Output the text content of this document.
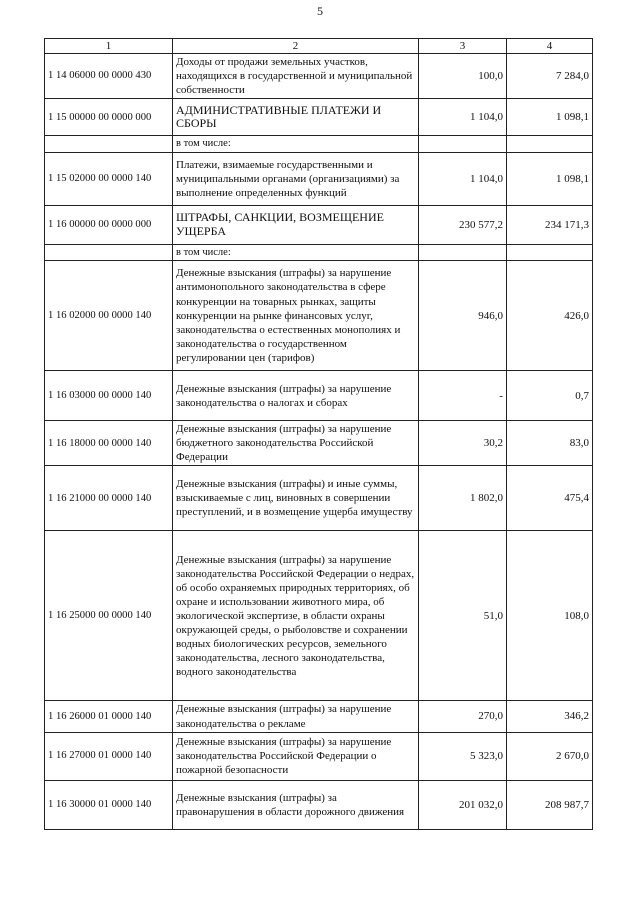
5
1	2	3	4
1 14 06000 00 0000 430	Доходы от продажи земельных участков, находящихся в государственной и муниципальной собственности	100,0	7 284,0
1 15 00000 00 0000 000	АДМИНИСТРАТИВНЫЕ ПЛАТЕЖИ И СБОРЫ	1 104,0	1 098,1
	в том числе:		
1 15 02000 00 0000 140	Платежи, взимаемые государственными и муниципальными органами (организациями) за выполнение определенных функций	1 104,0	1 098,1
1 16 00000 00 0000 000	ШТРАФЫ, САНКЦИИ, ВОЗМЕЩЕНИЕ УЩЕРБА	230 577,2	234 171,3
	в том числе:		
1 16 02000 00 0000 140	Денежные взыскания (штрафы) за нарушение антимонопольного законодательства в сфере конкуренции на товарных рынках, защиты конкуренции на рынке финансовых услуг, законодательства о естественных монополиях и законодательства о государственном регулировании цен (тарифов)	946,0	426,0
1 16 03000 00 0000 140	Денежные взыскания (штрафы) за нарушение законодательства о налогах и сборах	-	0,7
1 16 18000 00 0000 140	Денежные взыскания (штрафы) за нарушение бюджетного законодательства Российской Федерации	30,2	83,0
1 16 21000 00 0000 140	Денежные взыскания (штрафы) и иные суммы, взыскиваемые с лиц, виновных в совершении преступлений, и в возмещение ущерба имуществу	1 802,0	475,4
1 16 25000 00 0000 140	Денежные взыскания (штрафы) за нарушение законодательства Российской Федерации о недрах, об особо охраняемых природных территориях, об охране и использовании животного мира, об экологической экспертизе, в области охраны окружающей среды, о рыболовстве и сохранении водных биологических ресурсов, земельного законодательства, лесного законодательства, водного законодательства	51,0	108,0
1 16 26000 01 0000 140	Денежные взыскания (штрафы) за нарушение законодательства о рекламе	270,0	346,2
1 16 27000 01 0000 140	Денежные взыскания (штрафы) за нарушение законодательства Российской Федерации о пожарной безопасности	5 323,0	2 670,0
1 16 30000 01 0000 140	Денежные взыскания (штрафы) за правонарушения в области дорожного движения	201 032,0	208 987,7
